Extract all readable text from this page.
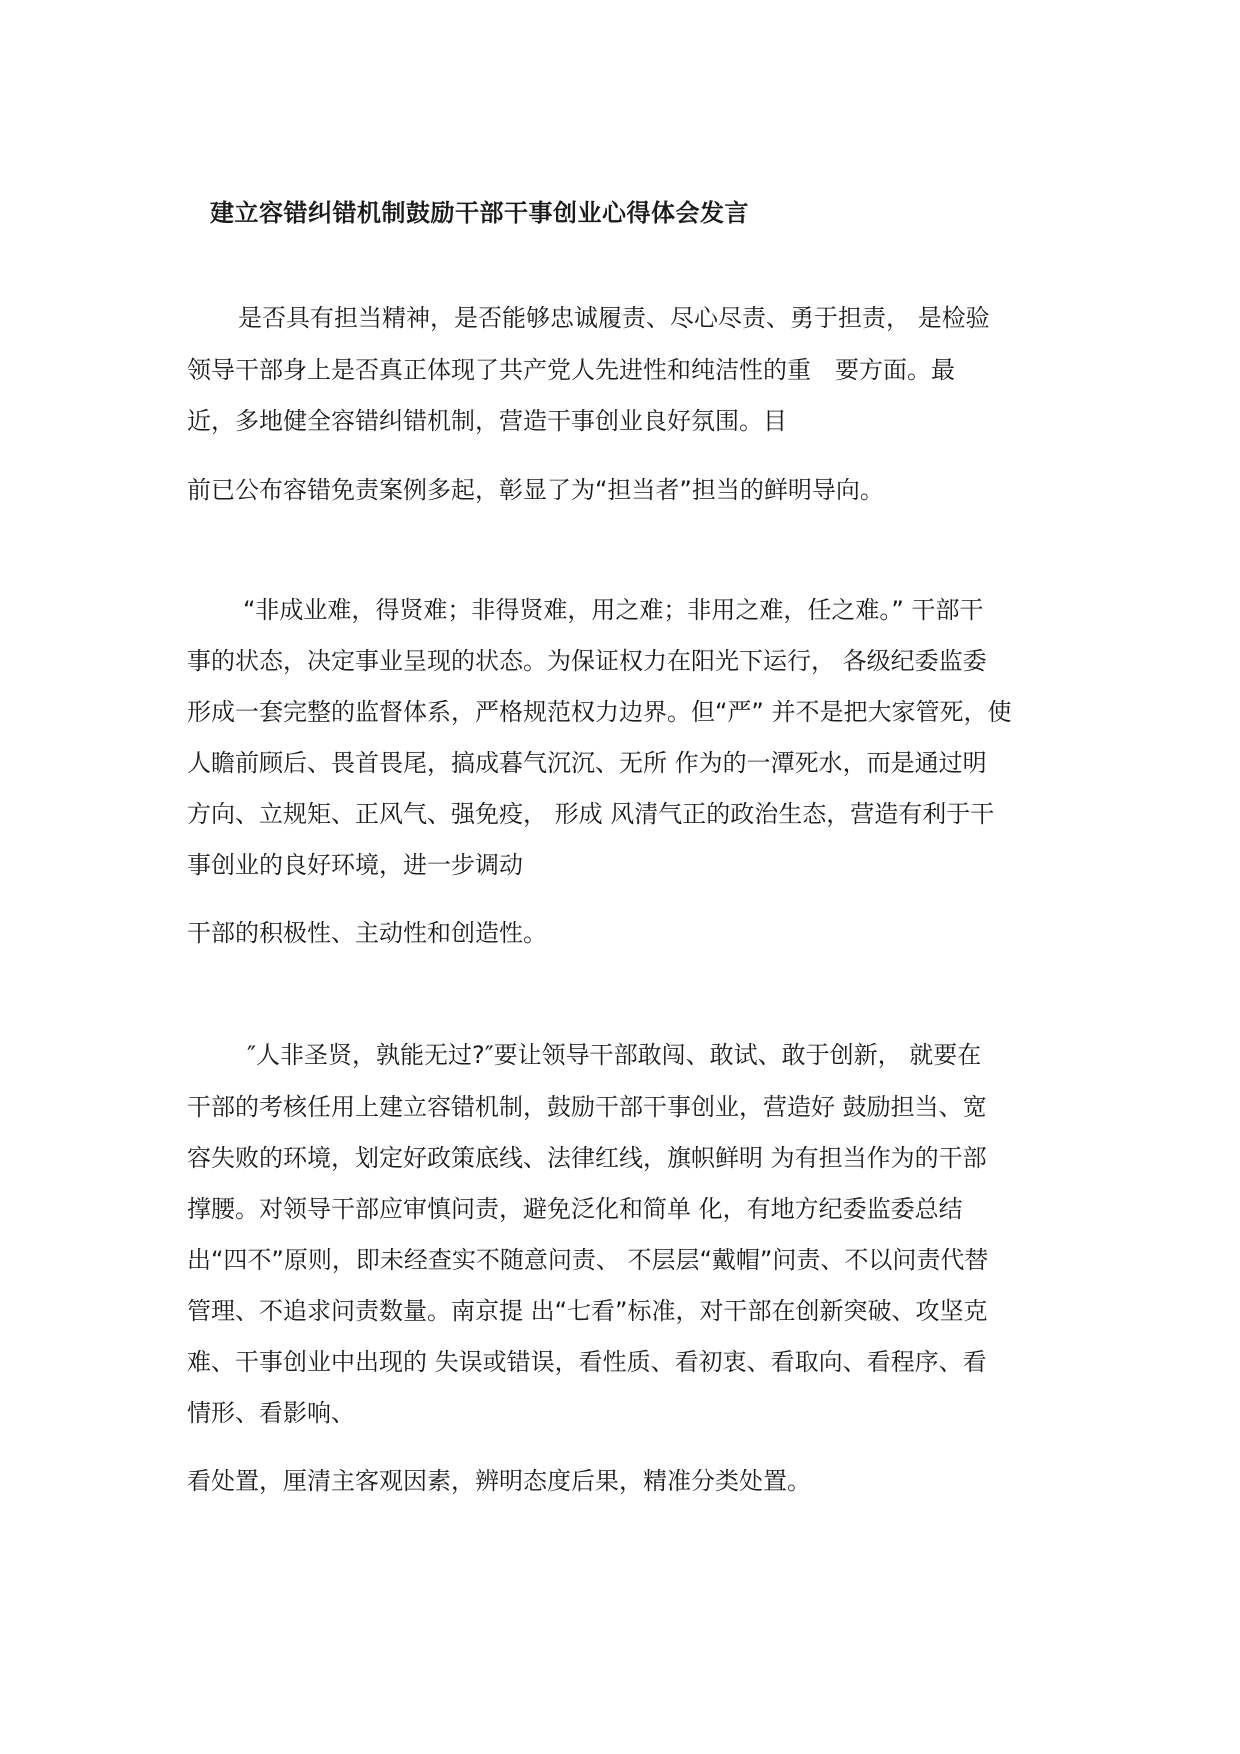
建立容错纠错机制鼓励干部干事创业心得体会发言
是否具有担当精神，是否能够忠诚履责、尽心尽责、勇于担责， 是检验
领导干部身上是否真正体现了共产党人先进性和纯洁性的重　要方面。最
近，多地健全容错纠错机制，营造干事创业良好氛围。目
前已公布容错免责案例多起，彰显了为“担当者”担当的鲜明导向。
“非成业难，得贤难；非得贤难，用之难；非用之难，任之难。” 干部干
事的状态，决定事业呈现的状态。为保证权力在阳光下运行， 各级纪委监委
形成一套完整的监督体系，严格规范权力边界。但“严” 并不是把大家管死，使
人瞻前顾后、畏首畏尾，搞成暮气沉沉、无所 作为的一潭死水，而是通过明
方向、立规矩、正风气、强免疫， 形成 风清气正的政治生态，营造有利于干
事创业的良好环境，进一步调动
干部的积极性、主动性和创造性。
″人非圣贤，孰能无过?″要让领导干部敢闯、敢试、敢于创新， 就要在
干部的考核任用上建立容错机制，鼓励干部干事创业，营造好 鼓励担当、宽
容失败的环境，划定好政策底线、法律红线，旗帜鲜明 为有担当作为的干部
撑腰。对领导干部应审慎问责，避免泛化和简单 化，有地方纪委监委总结
出“四不”原则，即未经查实不随意问责、 不层层“戴帽”问责、不以问责代替
管理、不追求问责数量。南京提 出“七看”标准，对干部在创新突破、攻坚克
难、干事创业中出现的 失误或错误，看性质、看初衷、看取向、看程序、看
情形、看影响、
看处置，厘清主客观因素，辨明态度后果，精准分类处置。
